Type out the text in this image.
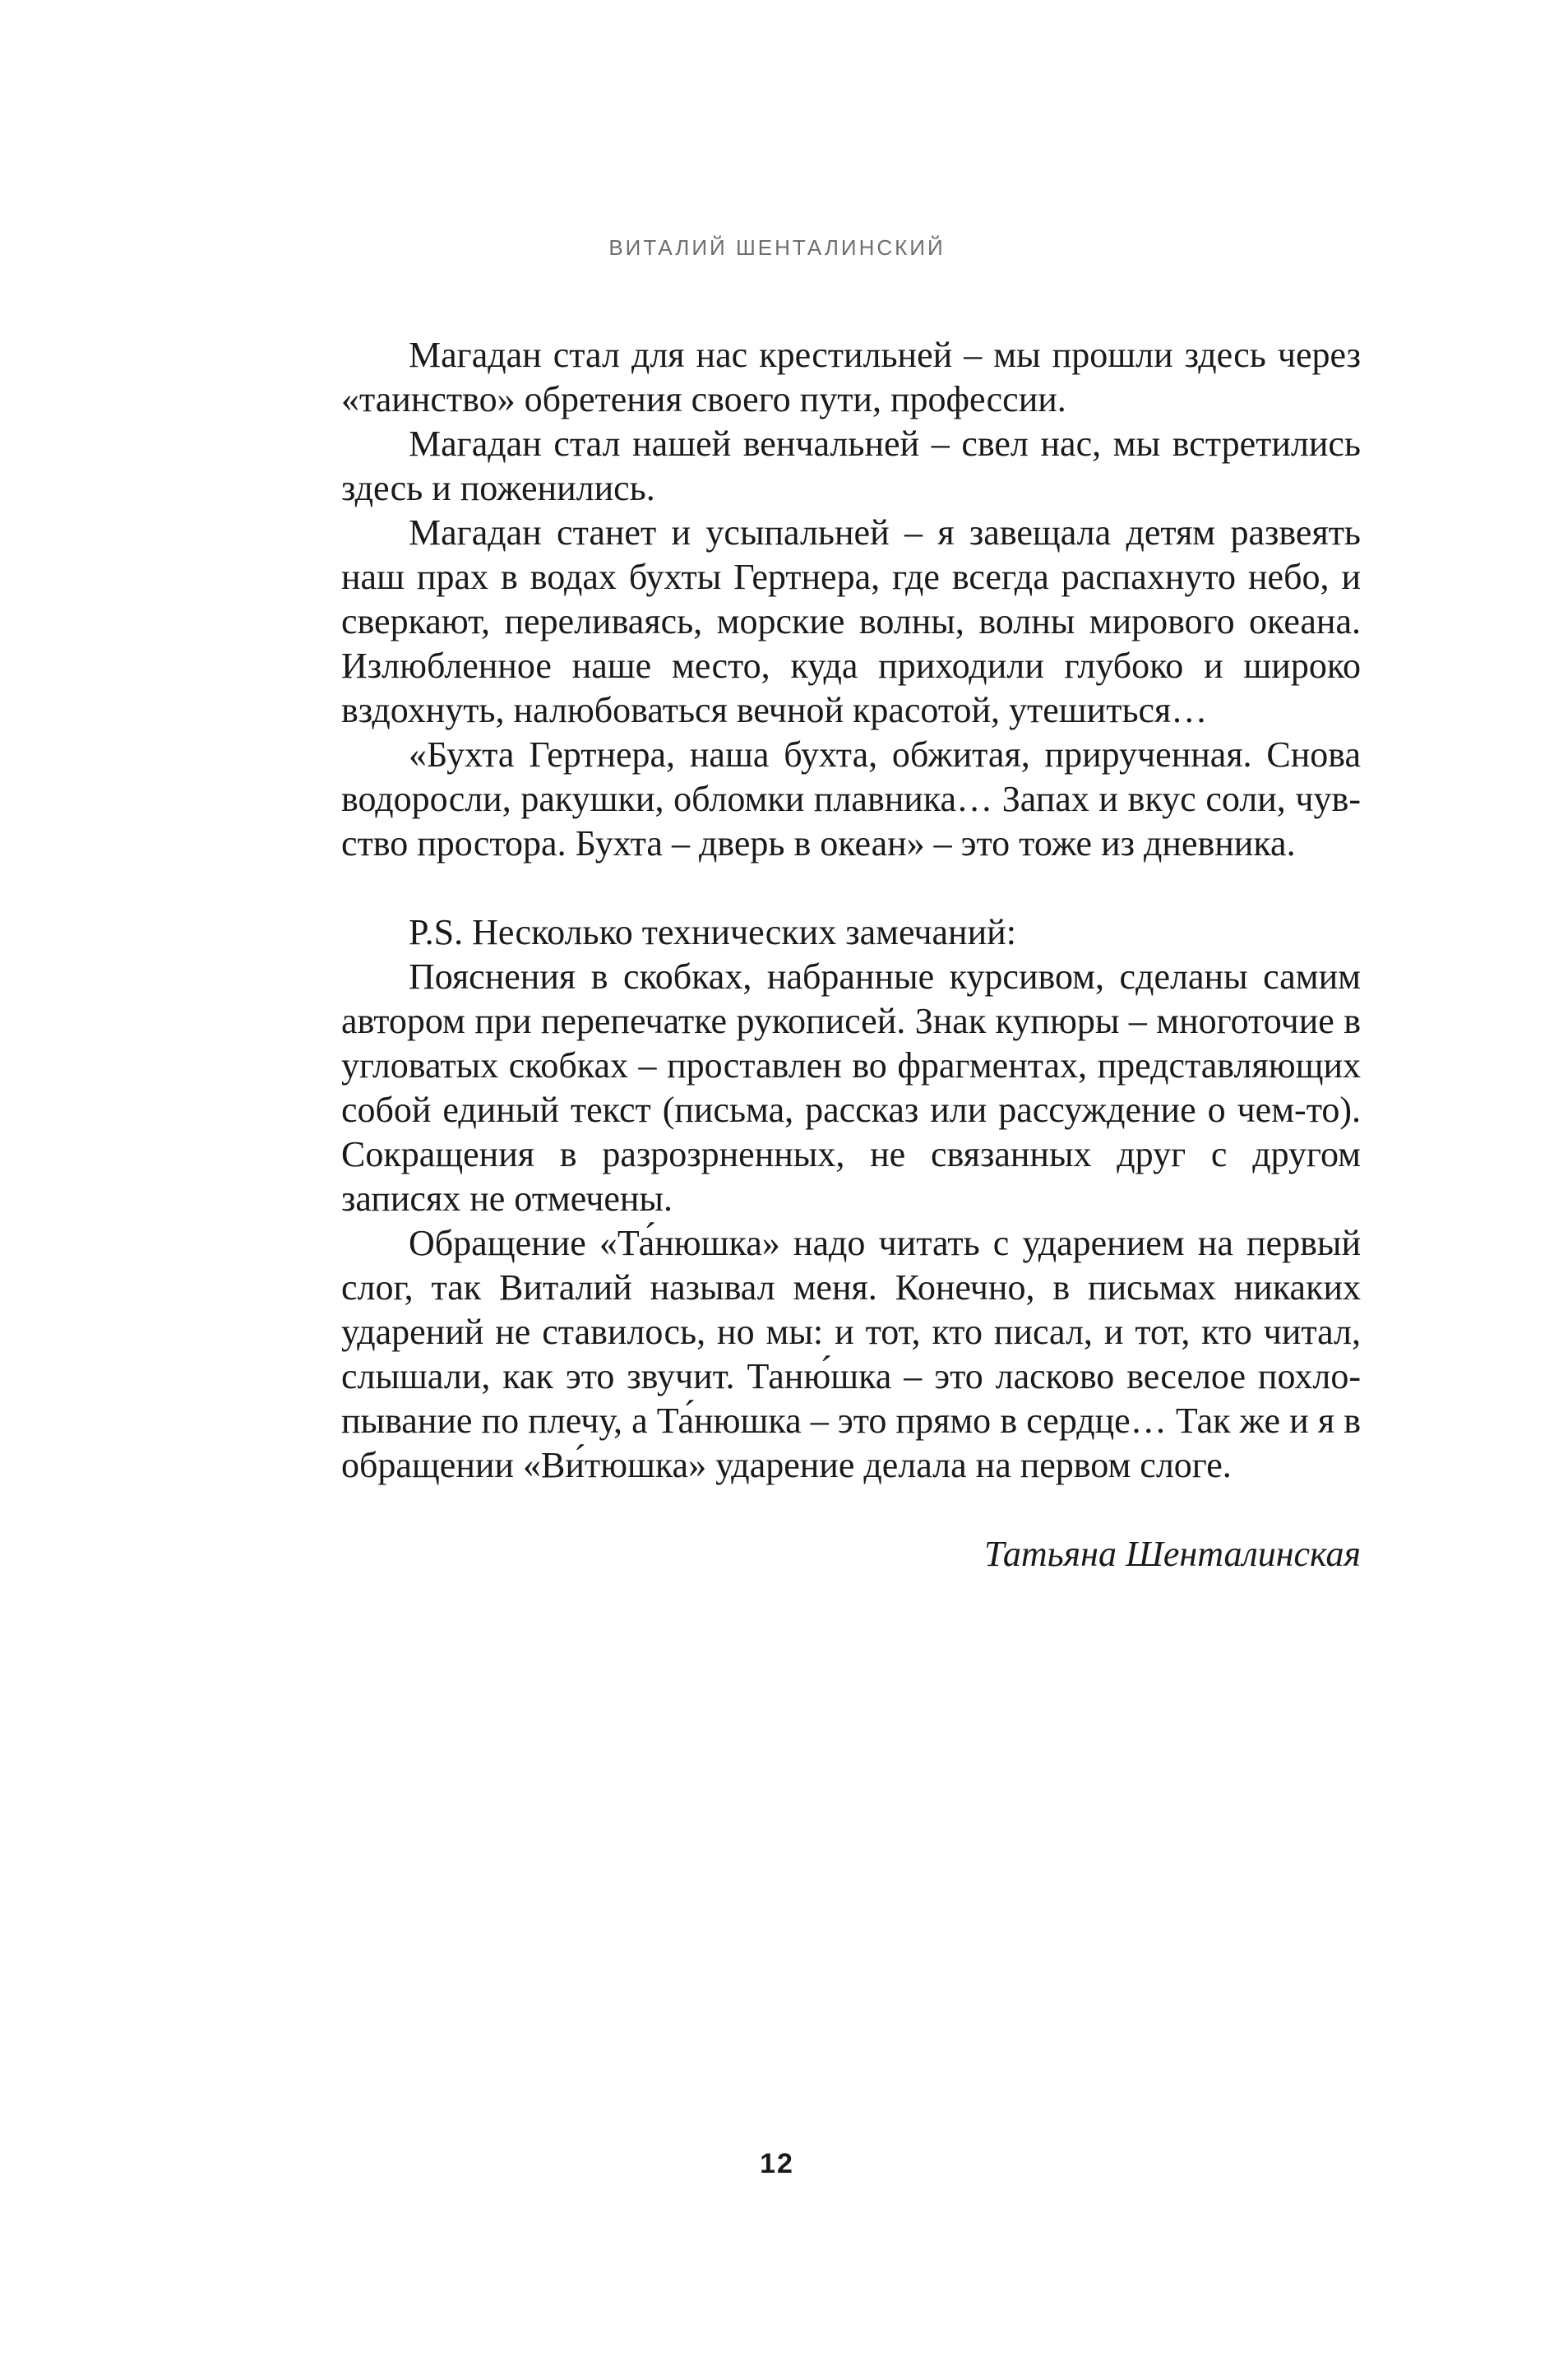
ВИТАЛИЙ ШЕНТАЛИНСКИЙ

Магадан стал для нас крестильней – мы прошли здесь через «таинство» обретения своего пути, профессии.

Магадан стал нашей венчальней – свел нас, мы встретились здесь и поженились.

Магадан станет и усыпальней – я завещала детям развеять наш прах в водах бухты Гертнера, где всегда распахнуто небо, и сверкают, переливаясь, морские волны, волны мирового океана. Излюбленное наше место, куда приходили глубоко и широко вздохнуть, налюбоваться вечной красотой, утешиться…

«Бухта Гертнера, наша бухта, обжитая, прирученная. Снова водоросли, ракушки, обломки плавника… Запах и вкус соли, чувство простора. Бухта – дверь в океан» – это тоже из дневника.

P.S. Несколько технических замечаний:

Пояснения в скобках, набранные курсивом, сделаны самим автором при перепечатке рукописей. Знак купюры – многоточие в угловатых скобках – проставлен во фрагментах, представляющих собой единый текст (письма, рассказ или рассуждение о чем-то). Сокращения в разрозрненных, не связанных друг с другом записях не отмечены.

Обращение «Та́нюшка» надо читать с ударением на первый слог, так Виталий называл меня. Конечно, в письмах никаких ударений не ставилось, но мы: и тот, кто писал, и тот, кто читал, слышали, как это звучит. Таню́шка – это ласково веселое похлопывание по плечу, а Та́нюшка – это прямо в сердце… Так же и я в обращении «Ви́тюшка» ударение делала на первом слоге.

Татьяна Шенталинская

12
